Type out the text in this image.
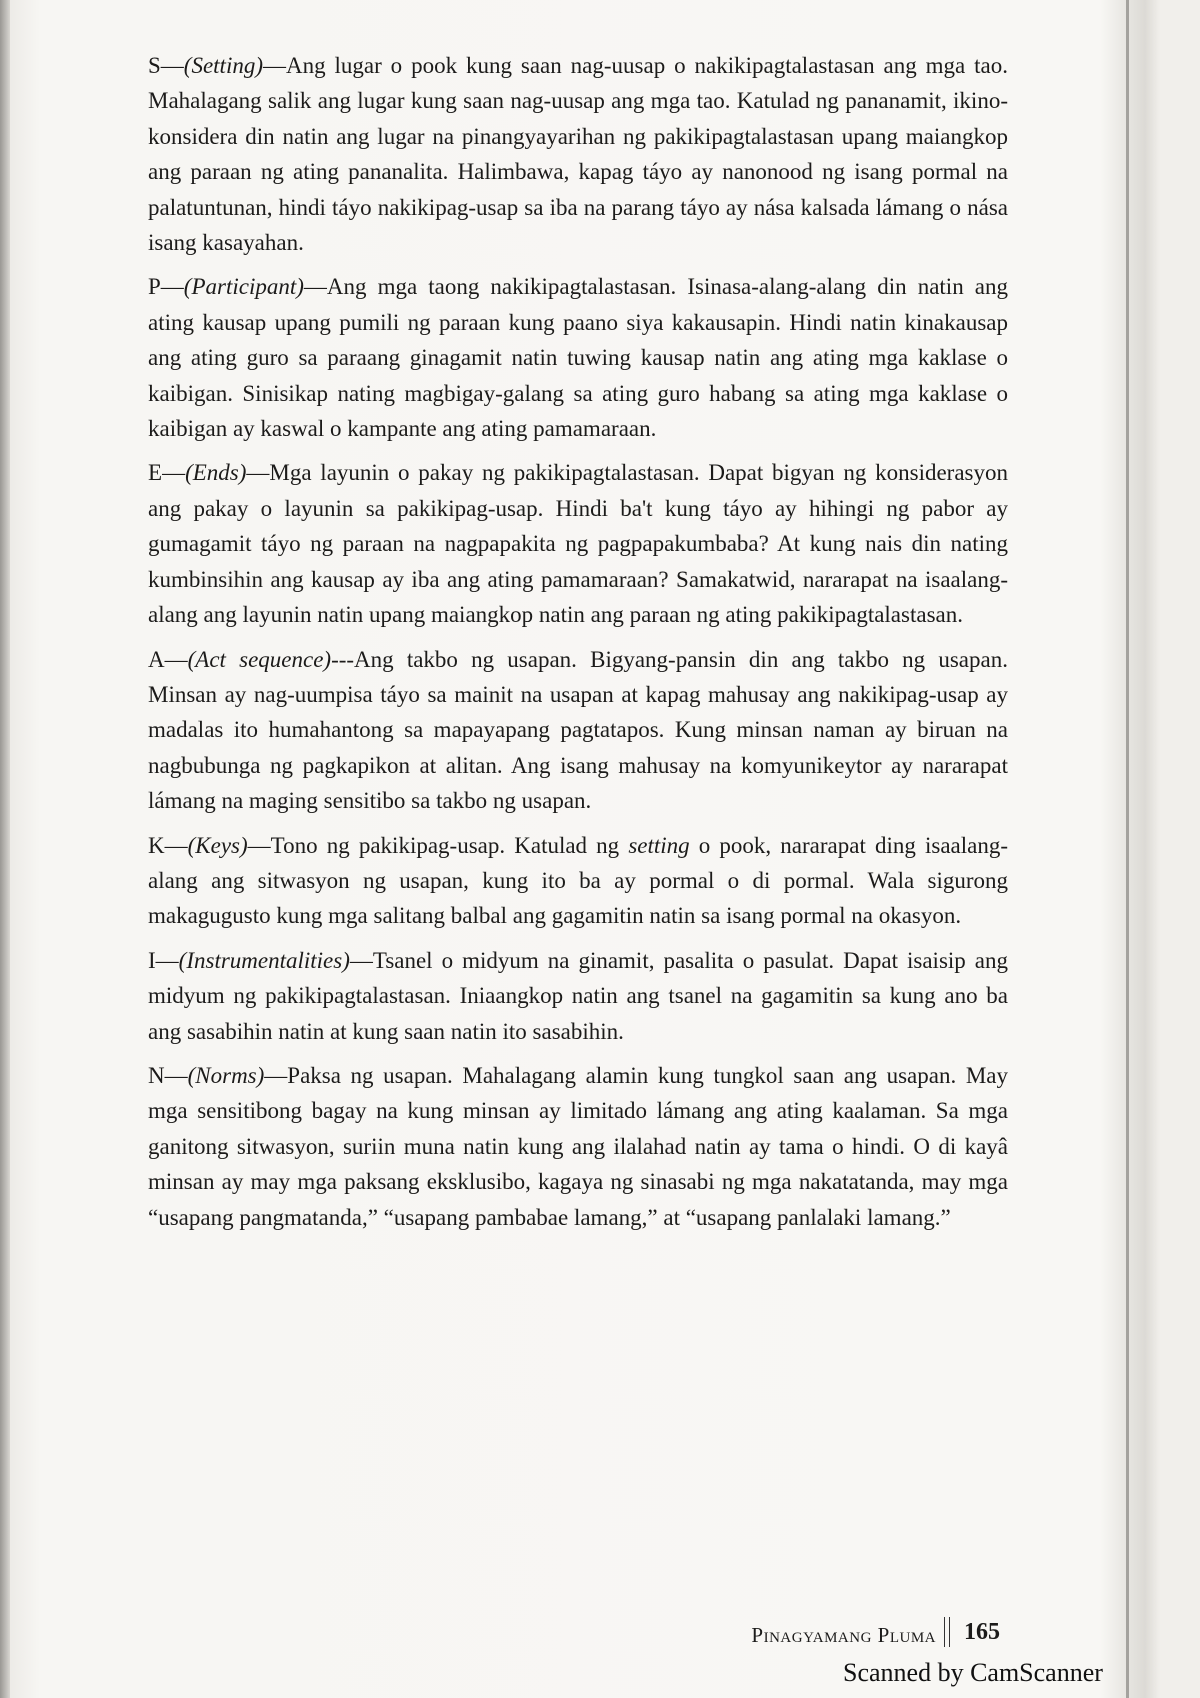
S—(Setting)—Ang lugar o pook kung saan nag-uusap o nakikipagtalastasan ang mga tao. Mahalagang salik ang lugar kung saan nag-uusap ang mga tao. Katulad ng pananamit, ikino-konsidera din natin ang lugar na pinangyayarihan ng pakikipagtalastasan upang maiangkop ang paraan ng ating pananalita. Halimbawa, kapag táyo ay nanonood ng isang pormal na palatuntunan, hindi táyo nakikipag-usap sa iba na parang táyo ay nása kalsada lámang o nása isang kasayahan.

P—(Participant)—Ang mga taong nakikipagtalastasan. Isinasa-alang-alang din natin ang ating kausap upang pumili ng paraan kung paano siya kakausapin. Hindi natin kinakausap ang ating guro sa paraang ginagamit natin tuwing kausap natin ang ating mga kaklase o kaibigan. Sinisikap nating magbigay-galang sa ating guro habang sa ating mga kaklase o kaibigan ay kaswal o kampante ang ating pamamaraan.

E—(Ends)—Mga layunin o pakay ng pakikipagtalastasan. Dapat bigyan ng konsiderasyon ang pakay o layunin sa pakikipag-usap. Hindi ba't kung táyo ay hihingi ng pabor ay gumagamit táyo ng paraan na nagpapakita ng pagpapakumbaba? At kung nais din nating kumbinsihin ang kausap ay iba ang ating pamamaraan? Samakatwid, nararapat na isaalang-alang ang layunin natin upang maiangkop natin ang paraan ng ating pakikipagtalastasan.

A—(Act sequence)---Ang takbo ng usapan. Bigyang-pansin din ang takbo ng usapan. Minsan ay nag-uumpisa táyo sa mainit na usapan at kapag mahusay ang nakikipag-usap ay madalas ito humahantong sa mapayapang pagtatapos. Kung minsan naman ay biruan na nagbubunga ng pagkapikon at alitan. Ang isang mahusay na komyunikeytor ay nararapat lámang na maging sensitibo sa takbo ng usapan.

K—(Keys)—Tono ng pakikipag-usap. Katulad ng setting o pook, nararapat ding isaalang-alang ang sitwasyon ng usapan, kung ito ba ay pormal o di pormal. Wala sigurong makagugusto kung mga salitang balbal ang gagamitin natin sa isang pormal na okasyon.

I—(Instrumentalities)—Tsanel o midyum na ginamit, pasalita o pasulat. Dapat isaisip ang midyum ng pakikipagtalastasan. Iniaangkop natin ang tsanel na gagamitin sa kung ano ba ang sasabihin natin at kung saan natin ito sasabihin.

N—(Norms)—Paksa ng usapan. Mahalagang alamin kung tungkol saan ang usapan. May mga sensitibong bagay na kung minsan ay limitado lámang ang ating kaalaman. Sa mga ganitong sitwasyon, suriin muna natin kung ang ilalahad natin ay tama o hindi. O di kayâ minsan ay may mga paksang eksklusibo, kagaya ng sinasabi ng mga nakatatanda, may mga “usapang pangmatanda,” “usapang pambabae lamang,” at “usapang panlalaki lamang.”

Pinagyamang Pluma 165
Scanned by CamScanner
